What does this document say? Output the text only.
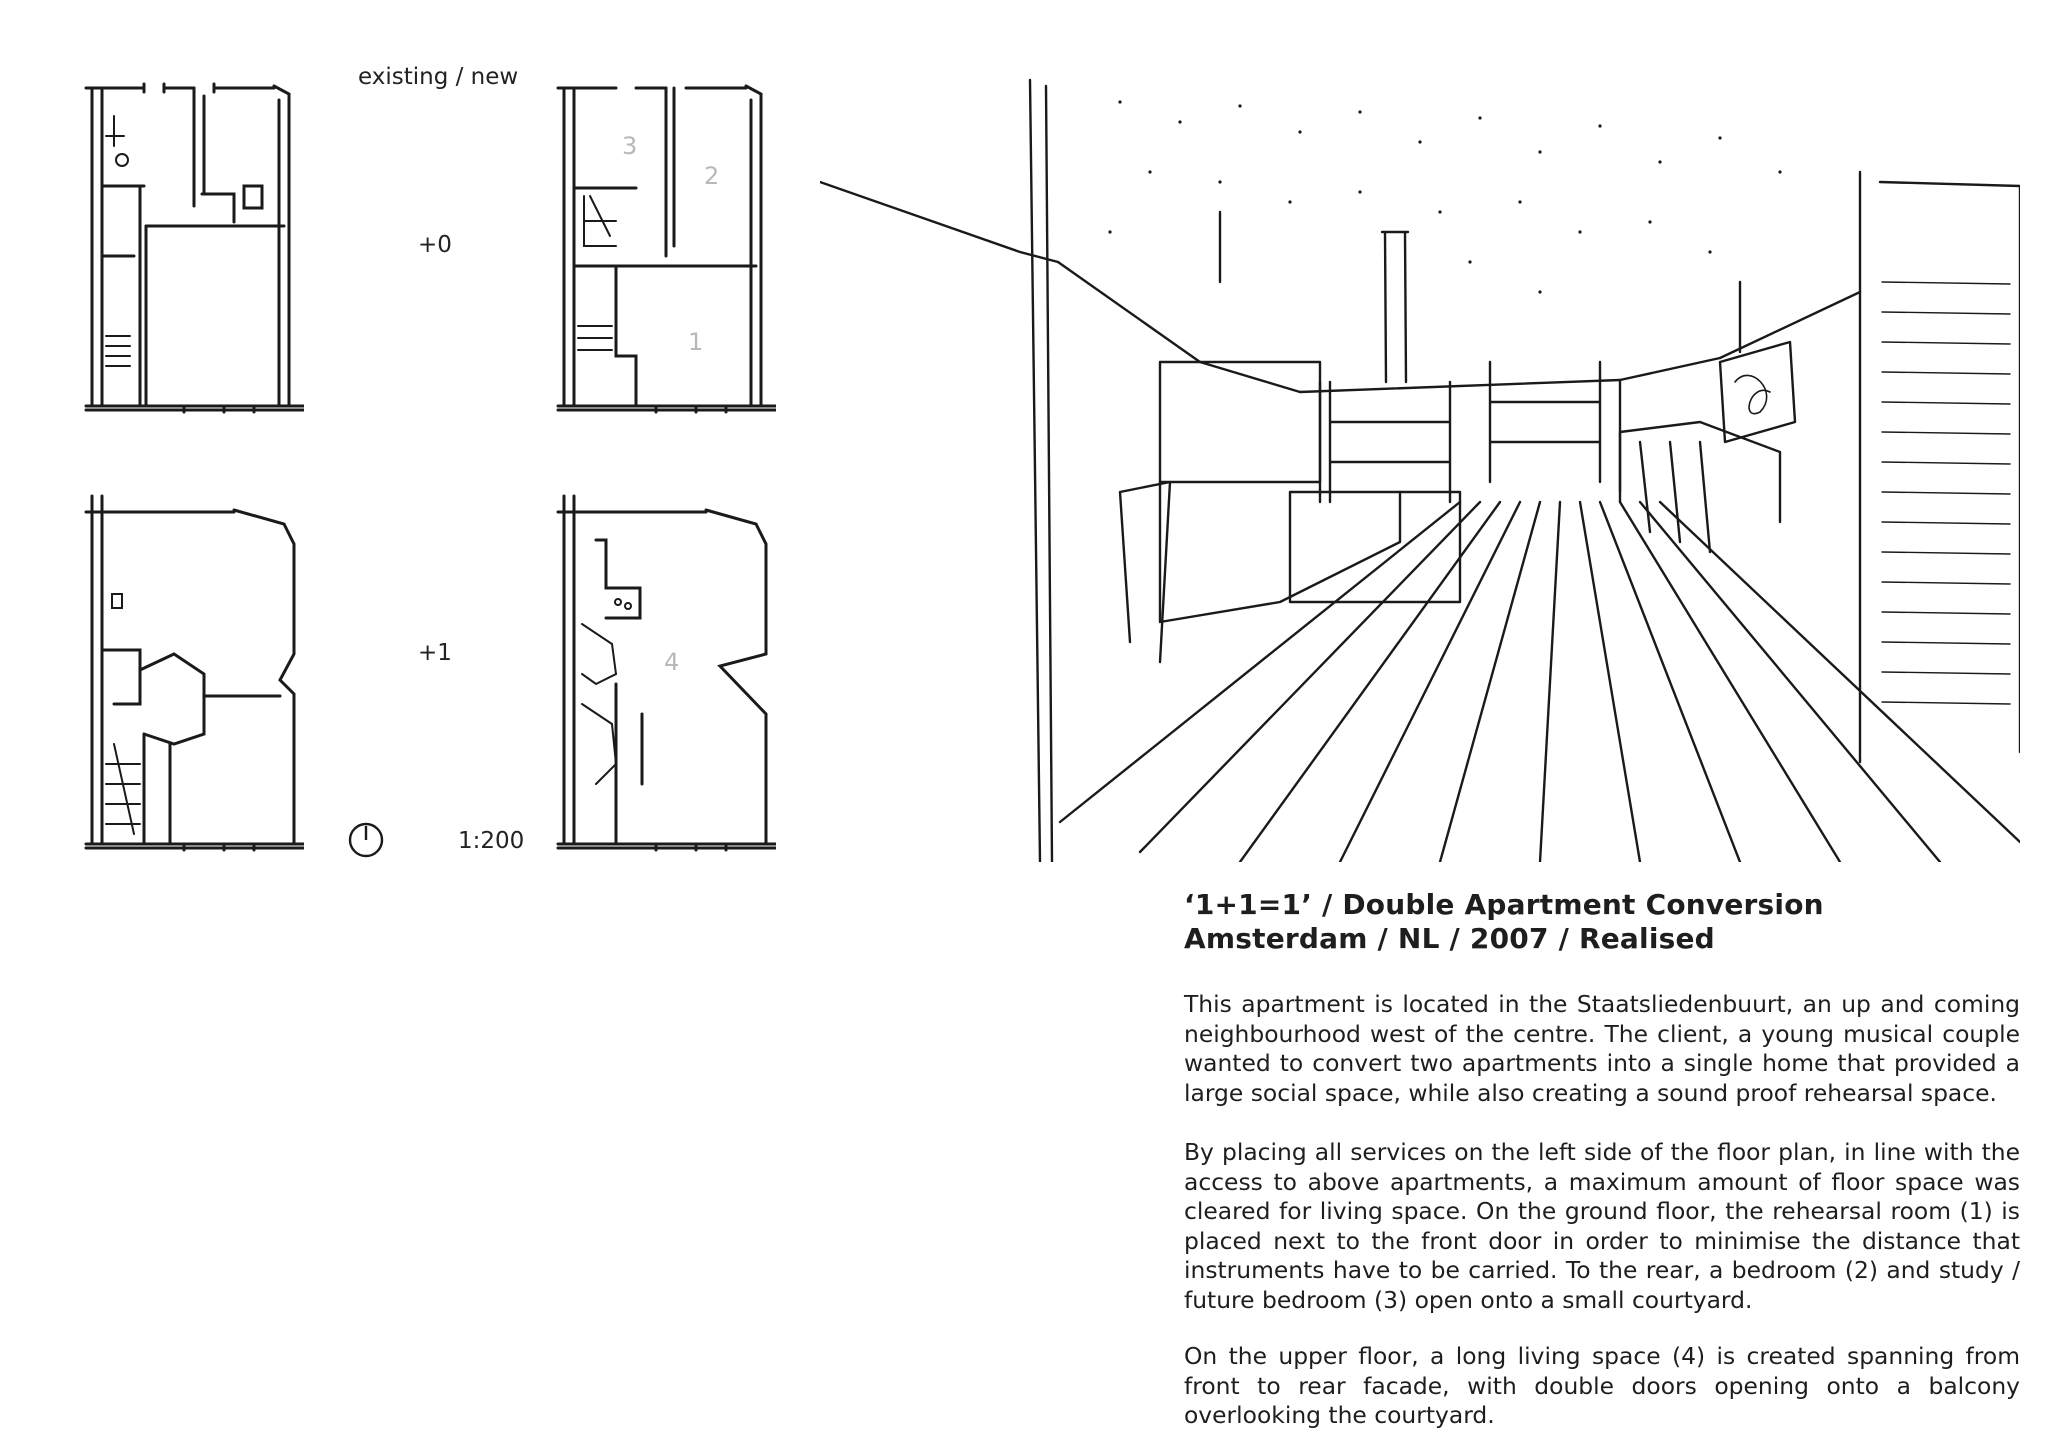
3
2
1
4
existing / new
+0
+1
1:200
‘1+1=1’ / Double Apartment Conversion
Amsterdam / NL / 2007 / Realised

This apartment is located in the Staatsliedenbuurt, an up and coming neighbourhood west of the centre. The client, a young musical couple wanted to convert two apartments into a single home that provided a large social space, while also creating a sound proof rehearsal space.

By placing all services on the left side of the floor plan, in line with the access to above apartments, a maximum amount of floor space was cleared for living space. On the ground floor, the rehearsal room (1) is placed next to the front door in order to minimise the distance that instruments have to be carried. To the rear, a bedroom (2) and study / future bedroom (3) open onto a small courtyard.

On the upper floor, a long living space (4) is created spanning from front to rear facade, with double doors opening onto a balcony overlooking the courtyard.
